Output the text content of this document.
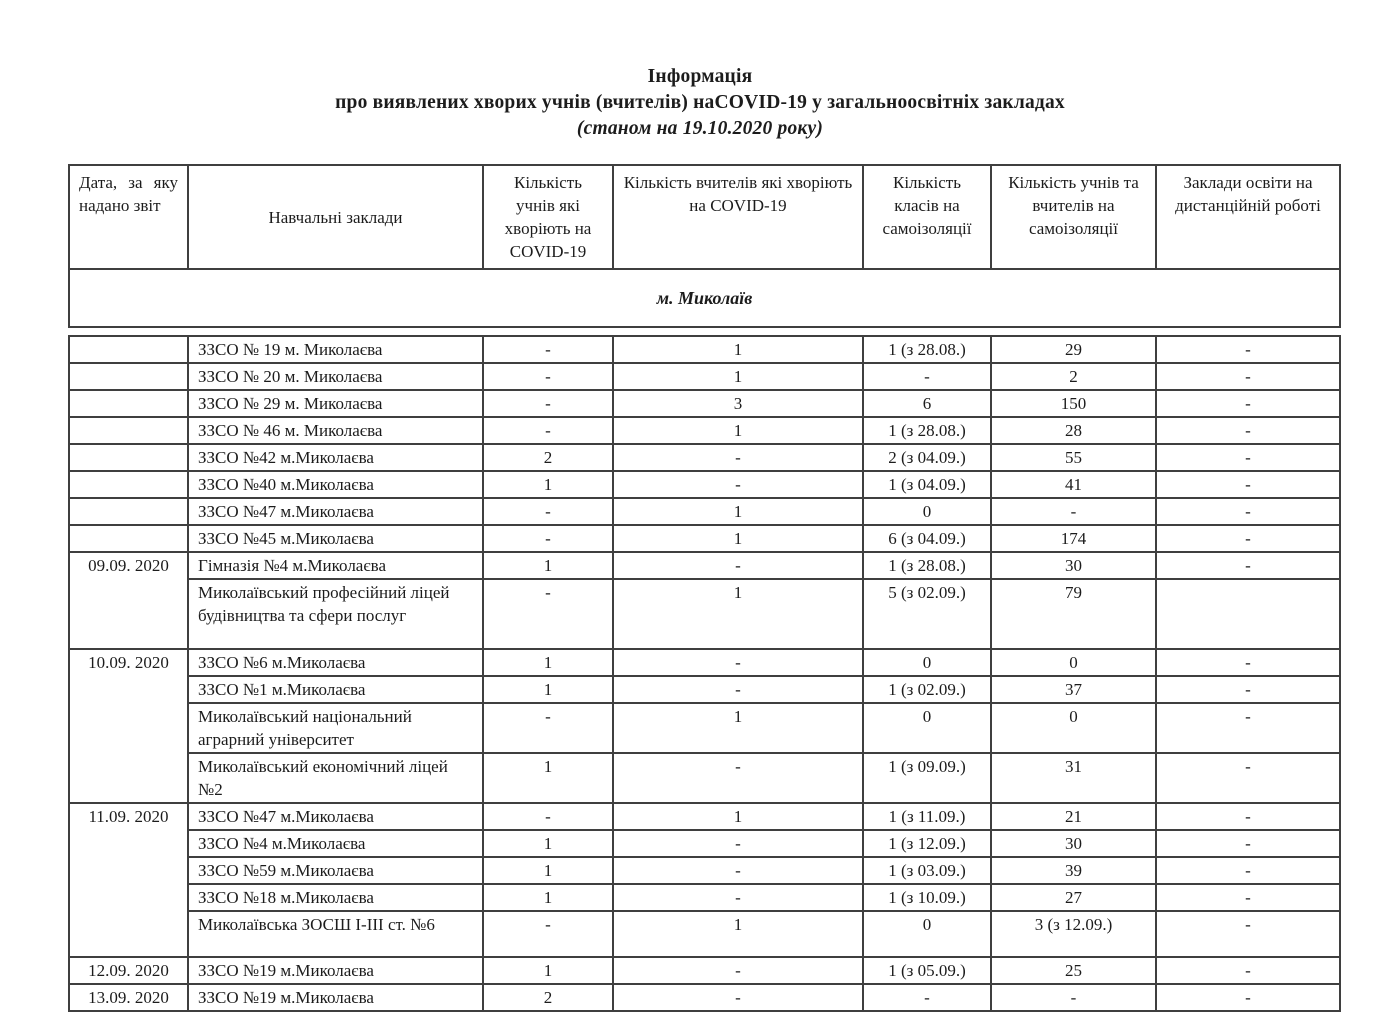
Інформація
про виявлених хворих учнів (вчителів) наCOVID-19 у загальноосвітніх закладах
(станом на 19.10.2020 року)
Дата, за яку надано звіт	Навчальні заклади	Кількість учнів які хворіють на COVID-19	Кількість вчителів які хворіють на COVID-19	Кількість класів на самоізоляції	Кількість учнів та вчителів на самоізоляції	Заклади освіти на дистанційній роботі
м. Миколаїв						

	ЗЗСО № 19 м. Миколаєва	-	1	1 (з 28.08.)	29	-
	ЗЗСО № 20 м. Миколаєва	-	1	-	2	-
	ЗЗСО № 29 м. Миколаєва	-	3	6	150	-
	ЗЗСО № 46 м. Миколаєва	-	1	1 (з 28.08.)	28	-
	ЗЗСО №42 м.Миколаєва	2	-	2 (з 04.09.)	55	-
	ЗЗСО №40 м.Миколаєва	1	-	1 (з 04.09.)	41	-
	ЗЗСО №47 м.Миколаєва	-	1	0	-	-
	ЗЗСО №45 м.Миколаєва	-	1	6 (з 04.09.)	174	-
09.09. 2020	Гімназія №4 м.Миколаєва	1	-	1 (з 28.08.)	30	-
	Миколаївський професійний ліцей будівництва та сфери послуг	-	1	5 (з 02.09.)	79	
10.09. 2020	ЗЗСО №6 м.Миколаєва	1	-	0	0	-
	ЗЗСО №1 м.Миколаєва	1	-	1 (з 02.09.)	37	-
	Миколаївський національний аграрний університет	-	1	0	0	-
	Миколаївський економічний ліцей №2	1	-	1 (з 09.09.)	31	-
11.09. 2020	ЗЗСО №47 м.Миколаєва	-	1	1 (з 11.09.)	21	-
	ЗЗСО №4 м.Миколаєва	1	-	1 (з 12.09.)	30	-
	ЗЗСО №59 м.Миколаєва	1	-	1 (з 03.09.)	39	-
	ЗЗСО №18 м.Миколаєва	1	-	1 (з 10.09.)	27	-
	Миколаївська ЗОСШ І-ІІІ ст. №6	-	1	0	3 (з 12.09.)	-
12.09. 2020	ЗЗСО №19 м.Миколаєва	1	-	1 (з 05.09.)	25	-
13.09. 2020	ЗЗСО №19 м.Миколаєва	2	-	-	-	-
